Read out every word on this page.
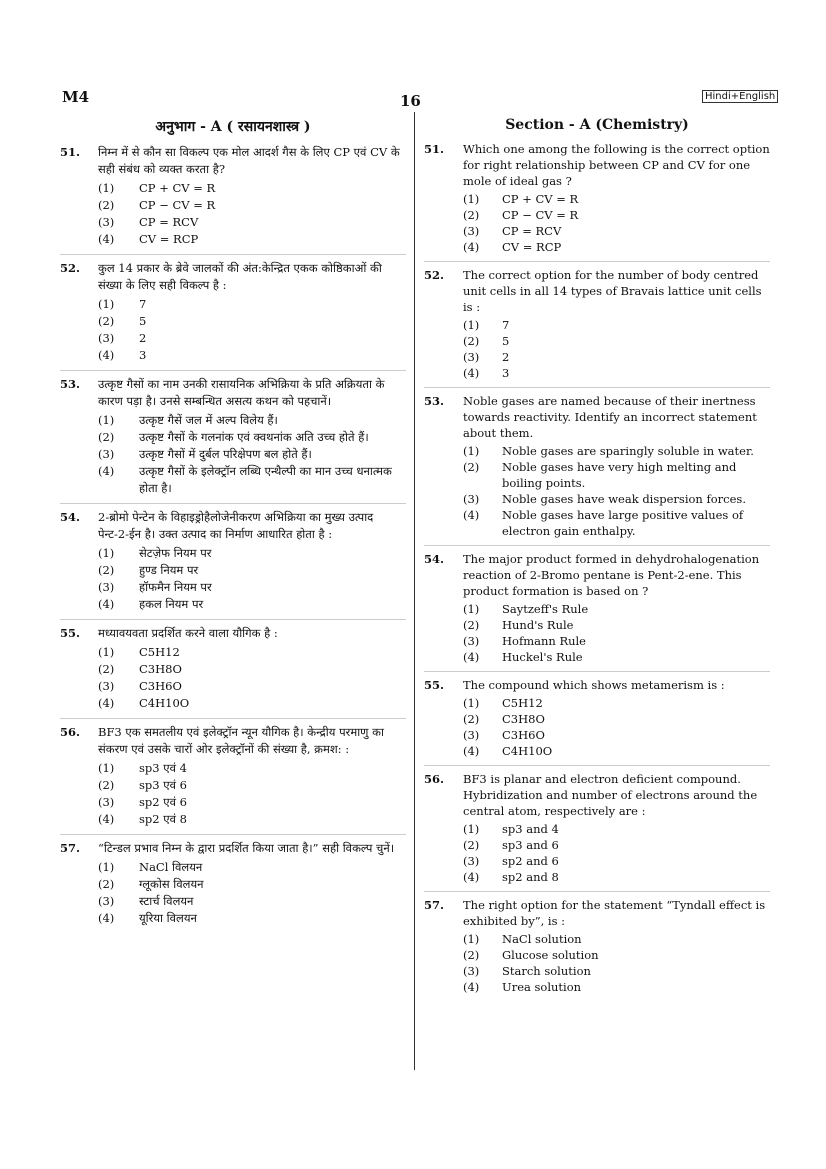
M4	16	Hindi+English
अनुभाग - A ( रसायनशास्त्र )
51. निम्न में से कौन सा विकल्प एक मोल आदर्श गैस के लिए CP एवं CV के सही संबंध को व्यक्त करता है?
(1) CP + CV = R
(2) CP − CV = R
(3) CP = RCV
(4) CV = RCP
52. कुल 14 प्रकार के ब्रेवे जालकों की अंत:केन्द्रित एकक कोष्ठिकाओं की संख्या के लिए सही विकल्प है :
(1) 7
(2) 5
(3) 2
(4) 3
53. उत्कृष्ट गैसों का नाम उनकी रासायनिक अभिक्रिया के प्रति अक्रियता के कारण पड़ा है। उनसे सम्बन्धित असत्य कथन को पहचानें।
(1) उत्कृष्ट गैसें जल में अल्प विलेय हैं।
(2) उत्कृष्ट गैसों के गलनांक एवं क्वथनांक अति उच्च होते हैं।
(3) उत्कृष्ट गैसों में दुर्बल परिक्षेपण बल होते हैं।
(4) उत्कृष्ट गैसों के इलेक्ट्रॉन लब्धि एन्थैल्पी का मान उच्च धनात्मक होता है।
54. 2-ब्रोमो पेन्टेन के विहाइड्रोहैलोजेनीकरण अभिक्रिया का मुख्य उत्पाद पेन्ट-2-ईन है। उक्त उत्पाद का निर्माण आधारित होता है :
(1) सेटज़ेफ नियम पर
(2) हुण्ड नियम पर
(3) हॉफमैन नियम पर
(4) हकल नियम पर
55. मध्यावयवता प्रदर्शित करने वाला यौगिक है :
(1) C5H12
(2) C3H8O
(3) C3H6O
(4) C4H10O
56. BF3 एक समतलीय एवं इलेक्ट्रॉन न्यून यौगिक है। केन्द्रीय परमाणु का संकरण एवं उसके चारों ओर इलेक्ट्रॉनों की संख्या है, क्रमश: :
(1) sp3 एवं 4
(2) sp3 एवं 6
(3) sp2 एवं 6
(4) sp2 एवं 8
57. “टिन्डल प्रभाव निम्न के द्वारा प्रदर्शित किया जाता है।” सही विकल्प चुनें।
(1) NaCl विलयन
(2) ग्लूकोस विलयन
(3) स्टार्च विलयन
(4) यूरिया विलयन
Section - A (Chemistry)
51. Which one among the following is the correct option for right relationship between CP and CV for one mole of ideal gas ?
(1) CP + CV = R
(2) CP − CV = R
(3) CP = RCV
(4) CV = RCP
52. The correct option for the number of body centred unit cells in all 14 types of Bravais lattice unit cells is :
(1) 7
(2) 5
(3) 2
(4) 3
53. Noble gases are named because of their inertness towards reactivity. Identify an incorrect statement about them.
(1) Noble gases are sparingly soluble in water.
(2) Noble gases have very high melting and boiling points.
(3) Noble gases have weak dispersion forces.
(4) Noble gases have large positive values of electron gain enthalpy.
54. The major product formed in dehydrohalogenation reaction of 2-Bromo pentane is Pent-2-ene. This product formation is based on ?
(1) Saytzeff's Rule
(2) Hund's Rule
(3) Hofmann Rule
(4) Huckel's Rule
55. The compound which shows metamerism is :
(1) C5H12
(2) C3H8O
(3) C3H6O
(4) C4H10O
56. BF3 is planar and electron deficient compound. Hybridization and number of electrons around the central atom, respectively are :
(1) sp3 and 4
(2) sp3 and 6
(3) sp2 and 6
(4) sp2 and 8
57. The right option for the statement “Tyndall effect is exhibited by”, is :
(1) NaCl solution
(2) Glucose solution
(3) Starch solution
(4) Urea solution
